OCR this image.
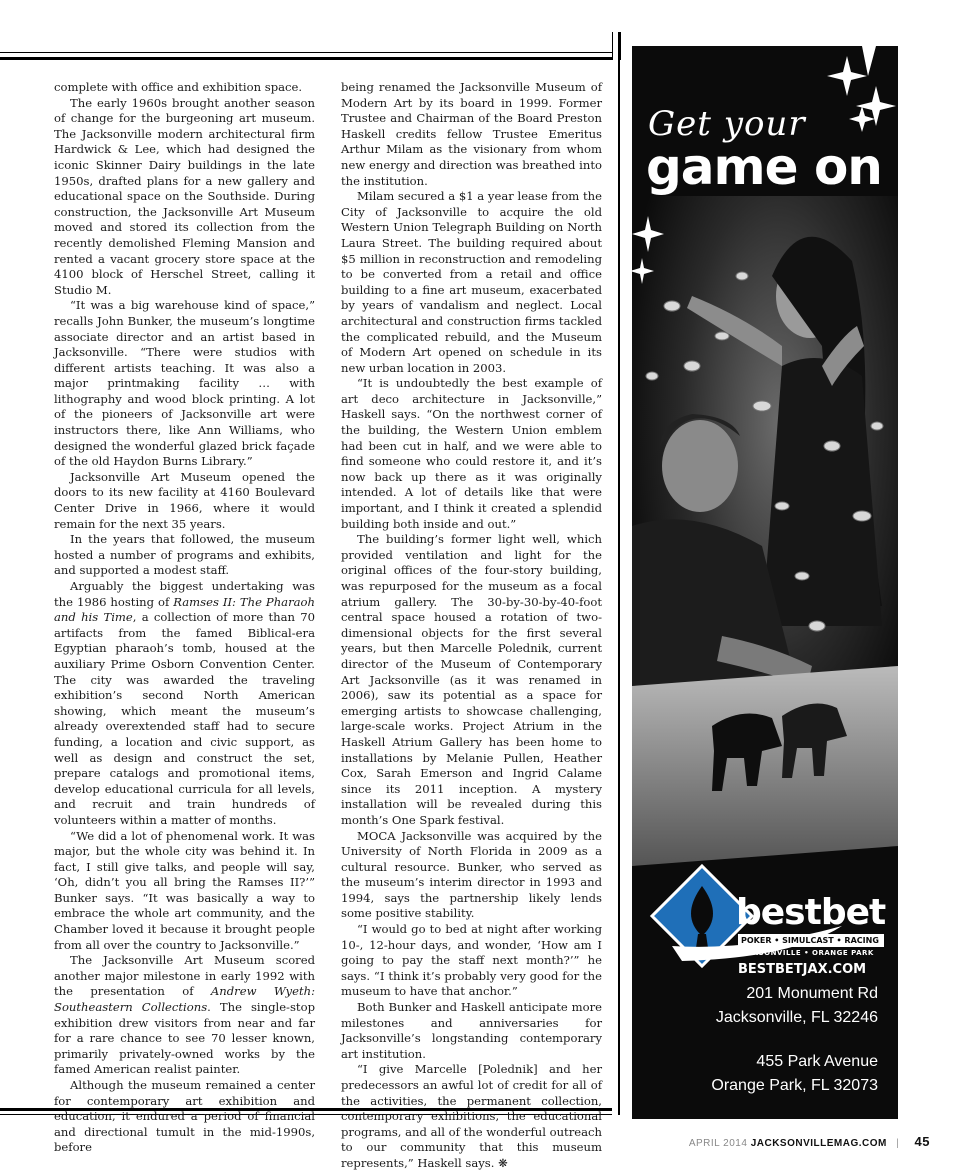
complete with office and exhibition space.

The early 1960s brought another season of change for the burgeoning art museum. The Jacksonville modern architectural firm Hardwick & Lee, which had designed the iconic Skinner Dairy buildings in the late 1950s, drafted plans for a new gallery and educational space on the Southside. During construction, the Jacksonville Art Museum moved and stored its collection from the recently demolished Fleming Mansion and rented a vacant grocery store space at the 4100 block of Herschel Street, calling it Studio M.

“It was a big warehouse kind of space,” recalls John Bunker, the museum’s longtime associate director and an artist based in Jacksonville. “There were studios with different artists teaching. It was also a major printmaking facility … with lithography and wood block printing. A lot of the pioneers of Jacksonville art were instructors there, like Ann Williams, who designed the wonderful glazed brick façade of the old Haydon Burns Library.”

Jacksonville Art Museum opened the doors to its new facility at 4160 Boulevard Center Drive in 1966, where it would remain for the next 35 years.

In the years that followed, the museum hosted a number of programs and exhibits, and supported a modest staff.

Arguably the biggest undertaking was the 1986 hosting of Ramses II: The Pharaoh and his Time, a collection of more than 70 artifacts from the famed Biblical-era Egyptian pharaoh’s tomb, housed at the auxiliary Prime Osborn Convention Center. The city was awarded the traveling exhibition’s second North American showing, which meant the museum’s already overextended staff had to secure funding, a location and civic support, as well as design and construct the set, prepare catalogs and promotional items, develop educational curricula for all levels, and recruit and train hundreds of volunteers within a matter of months.

“We did a lot of phenomenal work. It was major, but the whole city was behind it. In fact, I still give talks, and people will say, ‘Oh, didn’t you all bring the Ramses II?’” Bunker says. “It was basically a way to embrace the whole art community, and the Chamber loved it because it brought people from all over the country to Jacksonville.”

The Jacksonville Art Museum scored another major milestone in early 1992 with the presentation of Andrew Wyeth: Southeastern Collections. The single-stop exhibition drew visitors from near and far for a rare chance to see 70 lesser known, primarily privately-owned works by the famed American realist painter.

Although the museum remained a center for contemporary art exhibition and education, it endured a period of financial and directional tumult in the mid-1990s, before

being renamed the Jacksonville Museum of Modern Art by its board in 1999. Former Trustee and Chairman of the Board Preston Haskell credits fellow Trustee Emeritus Arthur Milam as the visionary from whom new energy and direction was breathed into the institution.

Milam secured a $1 a year lease from the City of Jacksonville to acquire the old Western Union Telegraph Building on North Laura Street. The building required about $5 million in reconstruction and remodeling to be converted from a retail and office building to a fine art museum, exacerbated by years of vandalism and neglect. Local architectural and construction firms tackled the complicated rebuild, and the Museum of Modern Art opened on schedule in its new urban location in 2003.

“It is undoubtedly the best example of art deco architecture in Jacksonville,” Haskell says. “On the northwest corner of the building, the Western Union emblem had been cut in half, and we were able to find someone who could restore it, and it’s now back up there as it was originally intended. A lot of details like that were important, and I think it created a splendid building both inside and out.”

The building’s former light well, which provided ventilation and light for the original offices of the four-story building, was repurposed for the museum as a focal atrium gallery. The 30-by-30-by-40-foot central space housed a rotation of two-dimensional objects for the first several years, but then Marcelle Polednik, current director of the Museum of Contemporary Art Jacksonville (as it was renamed in 2006), saw its potential as a space for emerging artists to showcase challenging, large-scale works. Project Atrium in the Haskell Atrium Gallery has been home to installations by Melanie Pullen, Heather Cox, Sarah Emerson and Ingrid Calame since its 2011 inception. A mystery installation will be revealed during this month’s One Spark festival.

MOCA Jacksonville was acquired by the University of North Florida in 2009 as a cultural resource. Bunker, who served as the museum’s interim director in 1993 and 1994, says the partnership likely lends some positive stability.

“I would go to bed at night after working 10-, 12-hour days, and wonder, ‘How am I going to pay the staff next month?’” he says. “I think it’s probably very good for the museum to have that anchor.”

Both Bunker and Haskell anticipate more milestones and anniversaries for Jacksonville’s longstanding contemporary art institution.

“I give Marcelle [Polednik] and her predecessors an awful lot of credit for all of the activities, the permanent collection, contemporary exhibitions, the educational programs, and all of the wonderful outreach to our community that this museum represents,” Haskell says. ❋

Get your
game on
bestbet
POKER • SIMULCAST • RACING
JACKSONVILLE • ORANGE PARK
BESTBETJAX.COM
201 Monument Rd
Jacksonville, FL 32246
455 Park Avenue
Orange Park, FL 32073
APRIL 2014 JACKSONVILLEMAG.COM | 45
